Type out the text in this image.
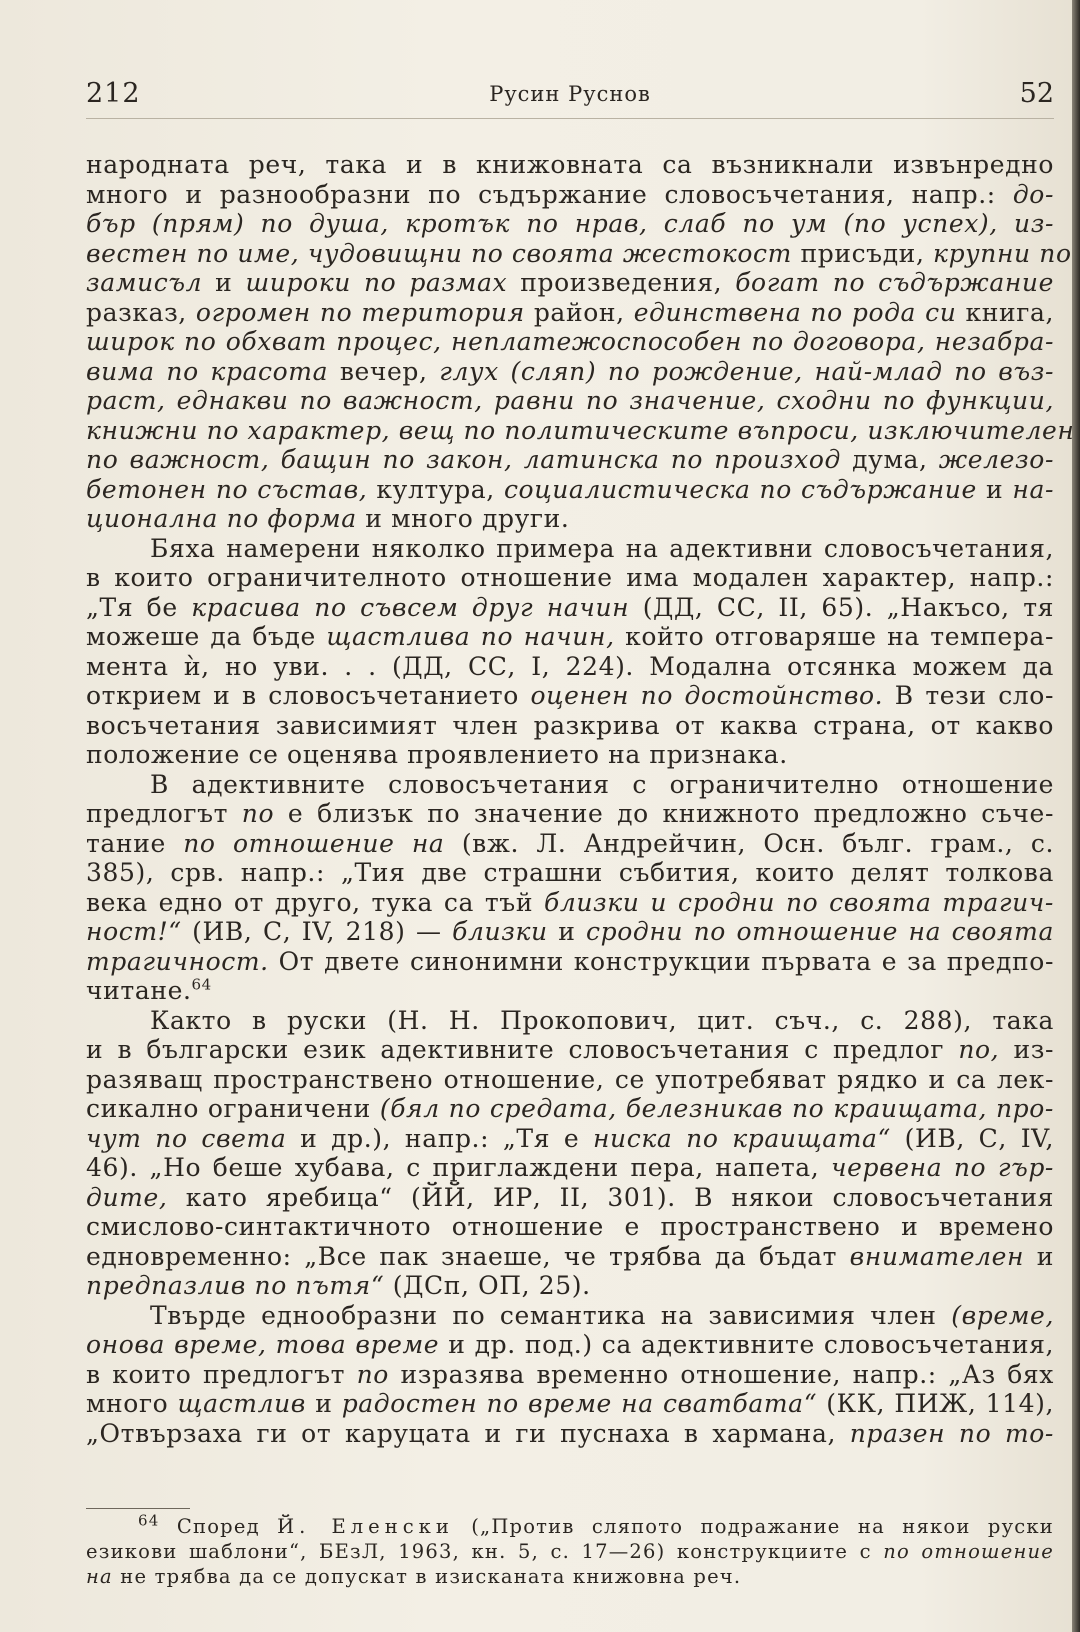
212	Русин Руснов	52
народната реч, така и в книжовната са възникнали извънредно
много и разнообразни по съдържание словосъчетания, напр.: до-
бър (прям) по душа, кротък по нрав, слаб по ум (по успех), из-
вестен по име, чудовищни по своята жестокост присъди, крупни по
замисъл и широки по размах произведения, богат по съдържание
разказ, огромен по територия район, единствена по рода си книга,
широк по обхват процес, неплатежоспособен по договора, незабра-
вима по красота вечер, глух (сляп) по рождение, най-млад по въз-
раст, еднакви по важност, равни по значение, сходни по функции,
книжни по характер, вещ по политическите въпроси, изключителен
по важност, бащин по закон, латинска по произход дума, железо-
бетонен по състав, култура, социалистическа по съдържание и на-
ционална по форма и много други.
Бяха намерени няколко примера на адективни словосъчетания,
в които ограничителното отношение има модален характер, напр.:
„Тя бе красива по съвсем друг начин (ДД, СС, II, 65). „Накъсо, тя
можеше да бъде щастлива по начин, който отговаряше на темпера-
мента ѝ, но уви. . . (ДД, СС, I, 224). Модална отсянка можем да
открием и в словосъчетанието оценен по достойнство. В тези сло-
восъчетания зависимият член разкрива от каква страна, от какво
положение се оценява проявлението на признака.
В адективните словосъчетания с ограничително отношение
предлогът по е близък по значение до книжното предложно съче-
тание по отношение на (вж. Л. Андрейчин, Осн. бълг. грам., с.
385), срв. напр.: „Тия две страшни събития, които делят толкова
века едно от друго, тука са тъй близки и сродни по своята трагич-
ност!“ (ИВ, С, IV, 218) — близки и сродни по отношение на своята
трагичност. От двете синонимни конструкции първата е за предпо-
читане.$^{64}$
Както в руски (Н. Н. Прокопович, цит. съч., с. 288), така
и в български език адективните словосъчетания с предлог по, из-
разяващ пространствено отношение, се употребяват рядко и са лек-
сикално ограничени (бял по средата, белезникав по краищата, про-
чут по света и др.), напр.: „Тя е ниска по краищата“ (ИВ, С, IV,
46). „Но беше хубава, с приглаждени пера, напета, червена по гър-
дите, като яребица“ (ЙЙ, ИР, II, 301). В някои словосъчетания
смислово-синтактичното отношение е пространствено и времено
едновременно: „Все пак знаеше, че трябва да бъдат внимателен и
предпазлив по пътя“ (ДСп, ОП, 25).
Твърде еднообразни по семантика на зависимия член (време,
онова време, това време и др. под.) са адективните словосъчетания,
в които предлогът по изразява временно отношение, напр.: „Аз бях
много щастлив и радостен по време на сватбата“ (КК, ПИЖ, 114),
„Отвързаха ги от каруцата и ги пуснаха в хармана, празен по то-
$^{64}$ Според Й. Еленски („Против сляпото подражание на някои руски
езикови шаблони“, БЕзЛ, 1963, кн. 5, с. 17—26) конструкциите с по отношение
на не трябва да се допускат в изисканата книжовна реч.
